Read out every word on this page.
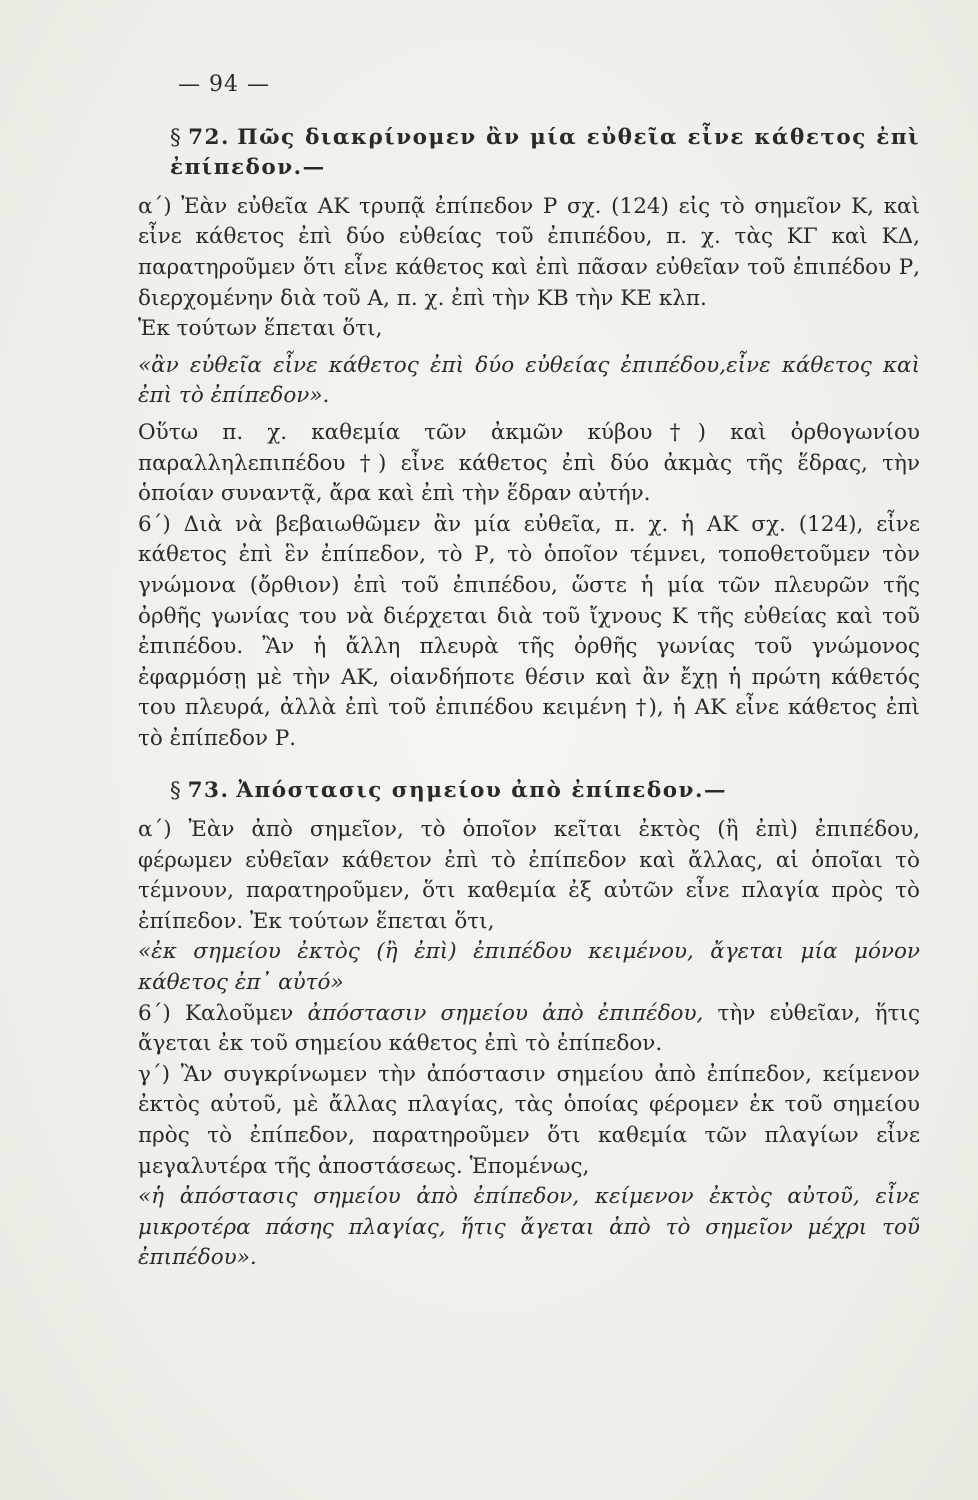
— 94 —
§ 72. Πῶς διακρίνομεν ἂν μία εὐθεῖα εἶνε κάθετος ἐπὶ ἐπίπεδον.—

α΄) Ἐὰν εὐθεῖα ΑΚ τρυπᾷ ἐπίπεδον Ρ σχ. (124) εἰς τὸ σημεῖον Κ, καὶ εἶνε κάθετος ἐπὶ δύο εὐθείας τοῦ ἐπιπέδου, π. χ. τὰς ΚΓ καὶ ΚΔ, παρατηροῦμεν ὅτι εἶνε κάθετος καὶ ἐπὶ πᾶσαν εὐθεῖαν τοῦ ἐπιπέδου Ρ, διερχομένην διὰ τοῦ Α, π. χ. ἐπὶ τὴν ΚΒ τὴν ΚΕ κλπ.

Ἐκ τούτων ἕπεται ὅτι,

«ἂν εὐθεῖα εἶνε κάθετος ἐπὶ δύο εὐθείας ἐπιπέδου,εἶνε κάθετος καὶ ἐπὶ τὸ ἐπίπεδον».

Οὕτω π. χ. καθεμία τῶν ἀκμῶν κύβου†) καὶ ὀρθογωνίου παραλληλεπιπέδου †) εἶνε κάθετος ἐπὶ δύο ἀκμὰς τῆς ἕδρας, τὴν ὁποίαν συναντᾷ, ἄρα καὶ ἐπὶ τὴν ἕδραν αὐτήν.

6΄) Διὰ νὰ βεβαιωθῶμεν ἂν μία εὐθεῖα, π. χ. ἡ ΑΚ σχ. (124), εἶνε κάθετος ἐπὶ ἓν ἐπίπεδον, τὸ Ρ, τὸ ὁποῖον τέμνει, τοποθετοῦμεν τὸν γνώμονα (ὄρθιον) ἐπὶ τοῦ ἐπιπέδου, ὥστε ἡ μία τῶν πλευρῶν τῆς ὀρθῆς γωνίας του νὰ διέρχεται διὰ τοῦ ἴχνους Κ τῆς εὐθείας καὶ τοῦ ἐπιπέδου. Ἂν ἡ ἄλλη πλευρὰ τῆς ὀρθῆς γωνίας τοῦ γνώμονος ἐφαρμόσῃ μὲ τὴν ΑΚ, οἱανδήποτε θέσιν καὶ ἂν ἔχῃ ἡ πρώτη κάθετός του πλευρά, ἀλλὰ ἐπὶ τοῦ ἐπιπέδου κειμένη †), ἡ ΑΚ εἶνε κάθετος ἐπὶ τὸ ἐπίπεδον Ρ.

§ 73. Ἀπόστασις σημείου ἀπὸ ἐπίπεδον.—

α΄) Ἐὰν ἀπὸ σημεῖον, τὸ ὁποῖον κεῖται ἐκτὸς (ἢ ἐπὶ) ἐπιπέδου, φέρωμεν εὐθεῖαν κάθετον ἐπὶ τὸ ἐπίπεδον καὶ ἄλλας, αἱ ὁποῖαι τὸ τέμνουν, παρατηροῦμεν, ὅτι καθεμία ἐξ αὐτῶν εἶνε πλαγία πρὸς τὸ ἐπίπεδον. Ἐκ τούτων ἕπεται ὅτι,

«ἐκ σημείου ἐκτὸς (ἢ ἐπὶ) ἐπιπέδου κειμένου, ἄγεται μία μόνον κάθετος ἐπ᾽ αὐτό»

6΄) Καλοῦμεν ἀπόστασιν σημείου ἀπὸ ἐπιπέδου, τὴν εὐθεῖαν, ἥτις ἄγεται ἐκ τοῦ σημείου κάθετος ἐπὶ τὸ ἐπίπεδον.

γ΄) Ἂν συγκρίνωμεν τὴν ἀπόστασιν σημείου ἀπὸ ἐπίπεδον, κείμενον ἐκτὸς αὐτοῦ, μὲ ἄλλας πλαγίας, τὰς ὁποίας φέρομεν ἐκ τοῦ σημείου πρὸς τὸ ἐπίπεδον, παρατηροῦμεν ὅτι καθεμία τῶν πλαγίων εἶνε μεγαλυτέρα τῆς ἀποστάσεως. Ἑπομένως,

«ἡ ἀπόστασις σημείου ἀπὸ ἐπίπεδον, κείμενον ἐκτὸς αὐτοῦ, εἶνε μικροτέρα πάσης πλαγίας, ἥτις ἄγεται ἀπὸ τὸ σημεῖον μέχρι τοῦ ἐπιπέδου».
